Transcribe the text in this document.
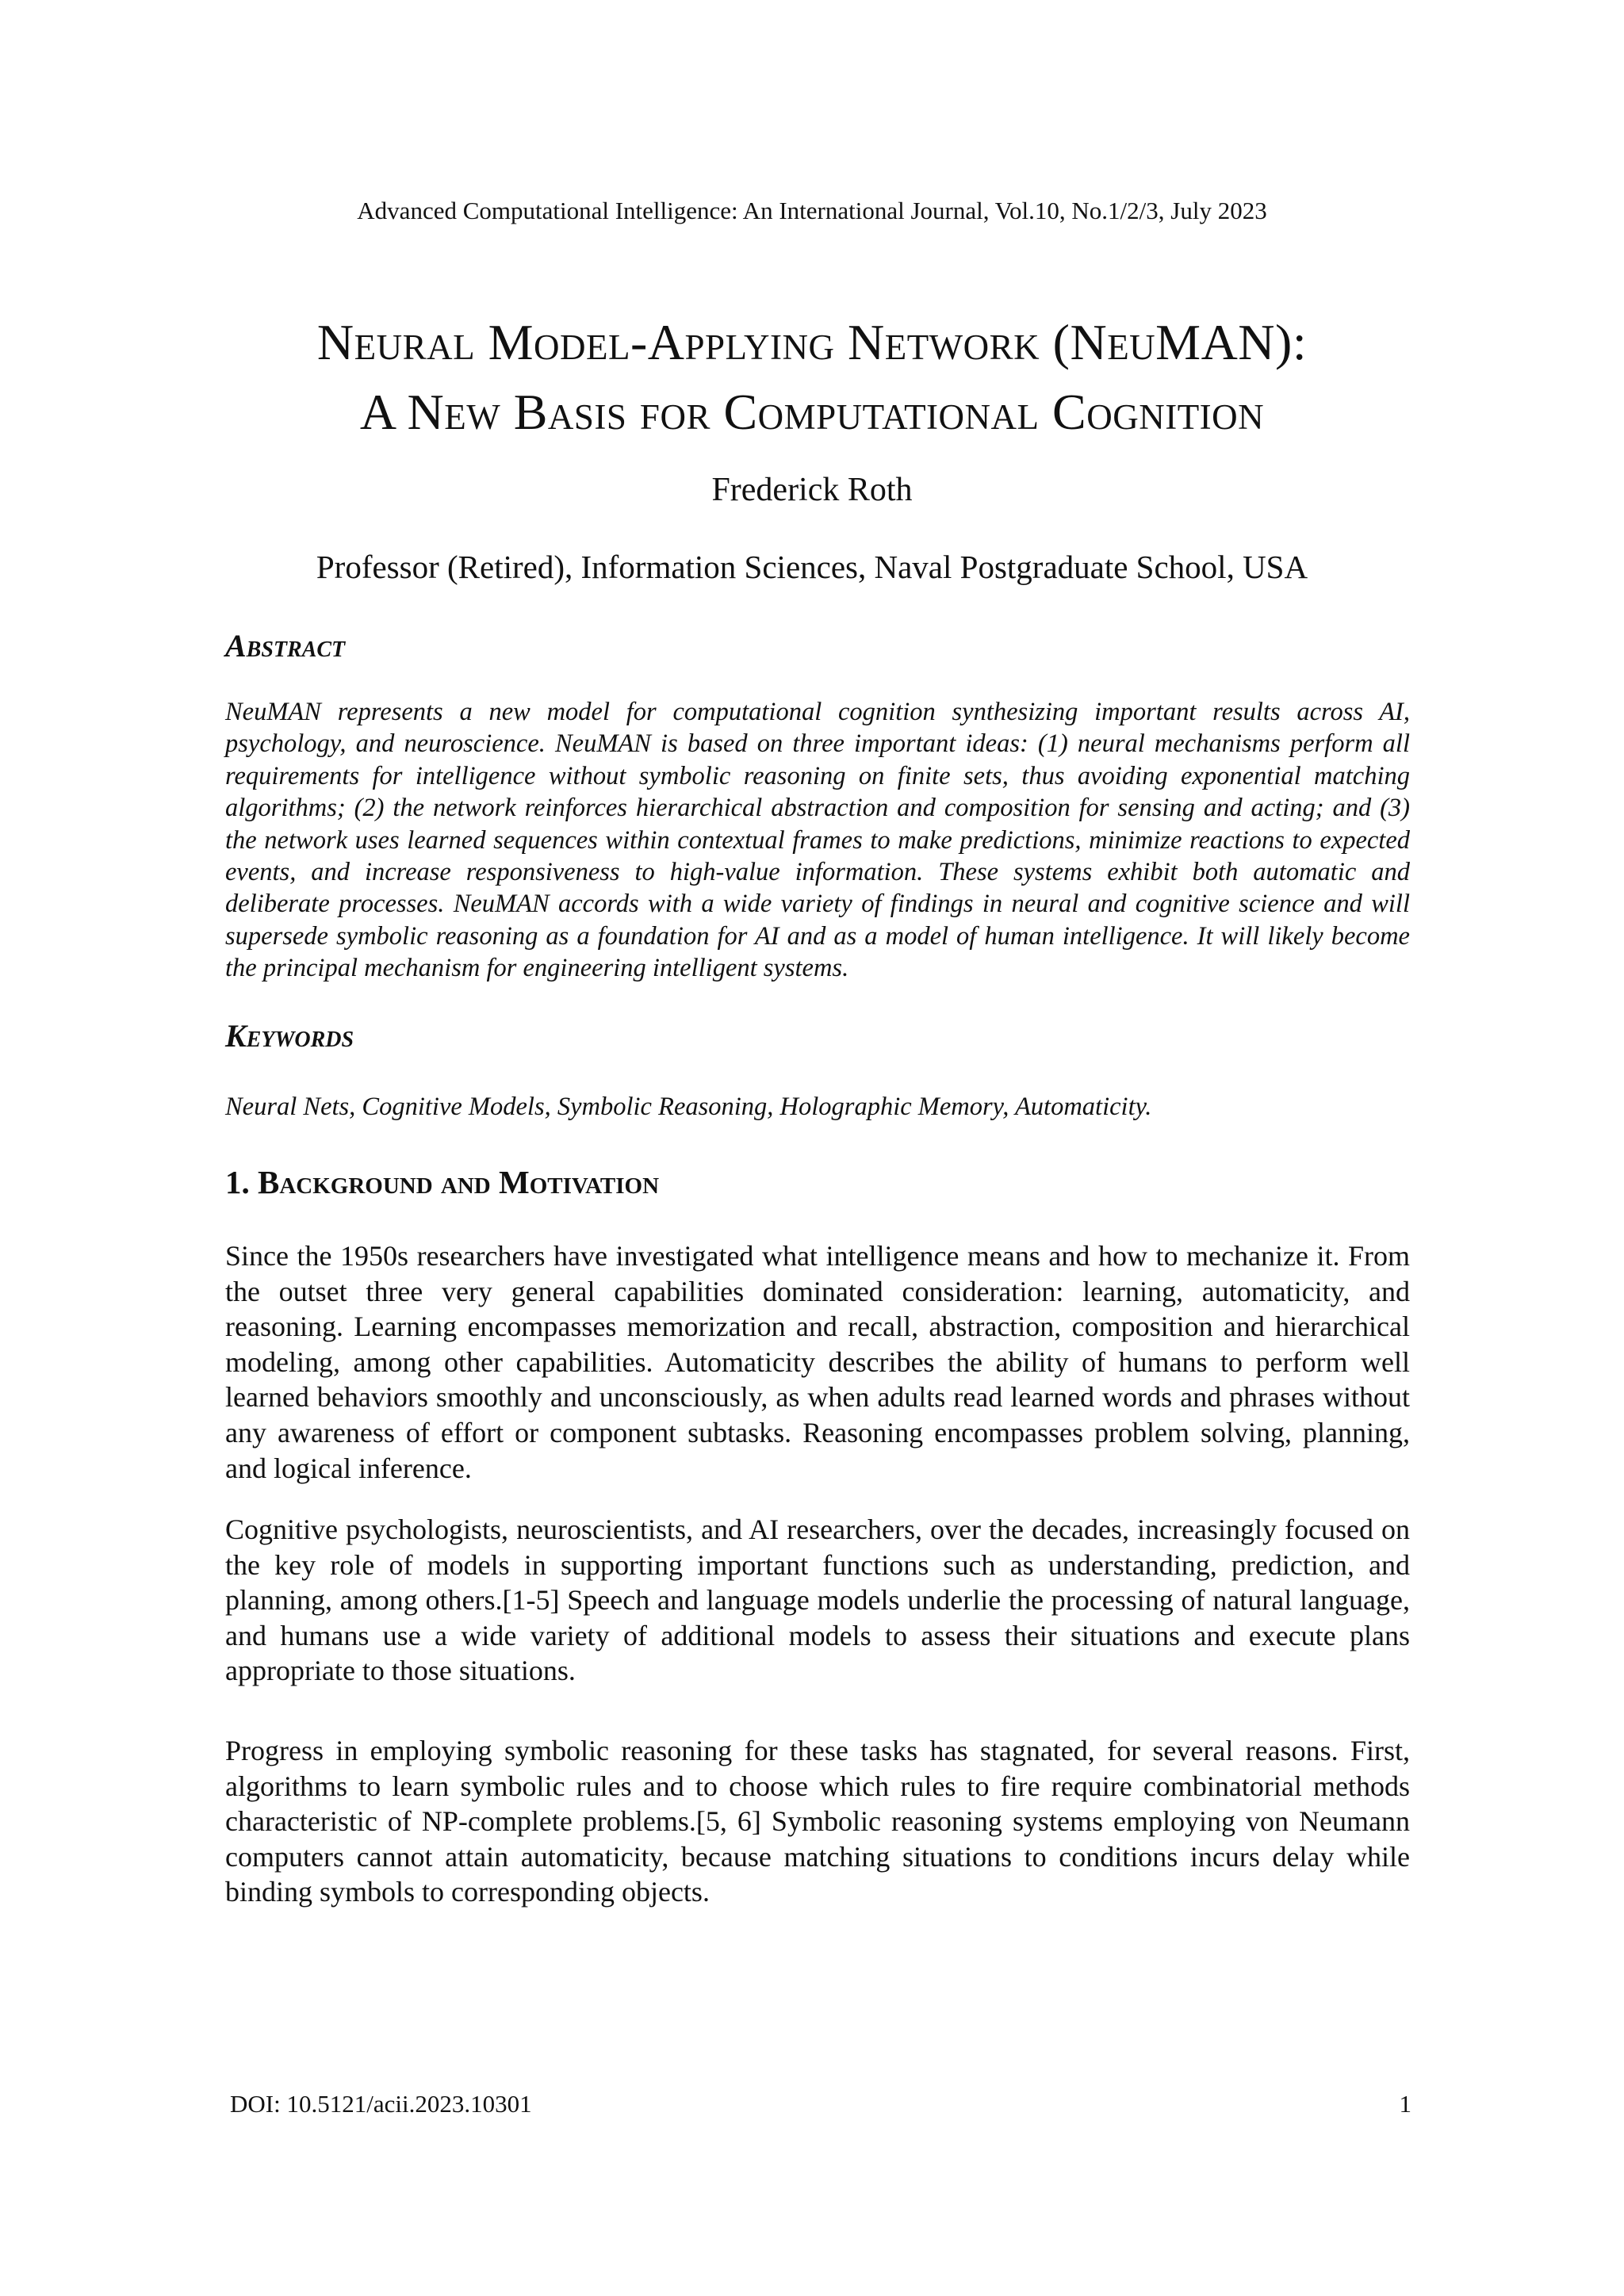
Advanced Computational Intelligence: An International Journal, Vol.10, No.1/2/3, July 2023
Neural Model-Applying Network (NeuMAN):
A New Basis for Computational Cognition
Frederick Roth
Professor (Retired), Information Sciences, Naval Postgraduate School, USA
Abstract

NeuMAN represents a new model for computational cognition synthesizing important results across AI, psychology, and neuroscience. NeuMAN is based on three important ideas: (1) neural mechanisms perform all requirements for intelligence without symbolic reasoning on finite sets, thus avoiding exponential matching algorithms; (2) the network reinforces hierarchical abstraction and composition for sensing and acting; and (3) the network uses learned sequences within contextual frames to make predictions, minimize reactions to expected events, and increase responsiveness to high-value information. These systems exhibit both automatic and deliberate processes. NeuMAN accords with a wide variety of findings in neural and cognitive science and will supersede symbolic reasoning as a foundation for AI and as a model of human intelligence. It will likely become the principal mechanism for engineering intelligent systems.

Keywords

Neural Nets, Cognitive Models, Symbolic Reasoning, Holographic Memory, Automaticity.

1. Background and Motivation

Since the 1950s researchers have investigated what intelligence means and how to mechanize it. From the outset three very general capabilities dominated consideration: learning, automaticity, and reasoning. Learning encompasses memorization and recall, abstraction, composition and hierarchical modeling, among other capabilities. Automaticity describes the ability of humans to perform well learned behaviors smoothly and unconsciously, as when adults read learned words and phrases without any awareness of effort or component subtasks. Reasoning encompasses problem solving, planning, and logical inference.

Cognitive psychologists, neuroscientists, and AI researchers, over the decades, increasingly focused on the key role of models in supporting important functions such as understanding, prediction, and planning, among others.[1-5] Speech and language models underlie the processing of natural language, and humans use a wide variety of additional models to assess their situations and execute plans appropriate to those situations.

Progress in employing symbolic reasoning for these tasks has stagnated, for several reasons. First, algorithms to learn symbolic rules and to choose which rules to fire require combinatorial methods characteristic of NP-complete problems.[5, 6] Symbolic reasoning systems employing von Neumann computers cannot attain automaticity, because matching situations to conditions incurs delay while binding symbols to corresponding objects.

DOI: 10.5121/acii.2023.10301	1
